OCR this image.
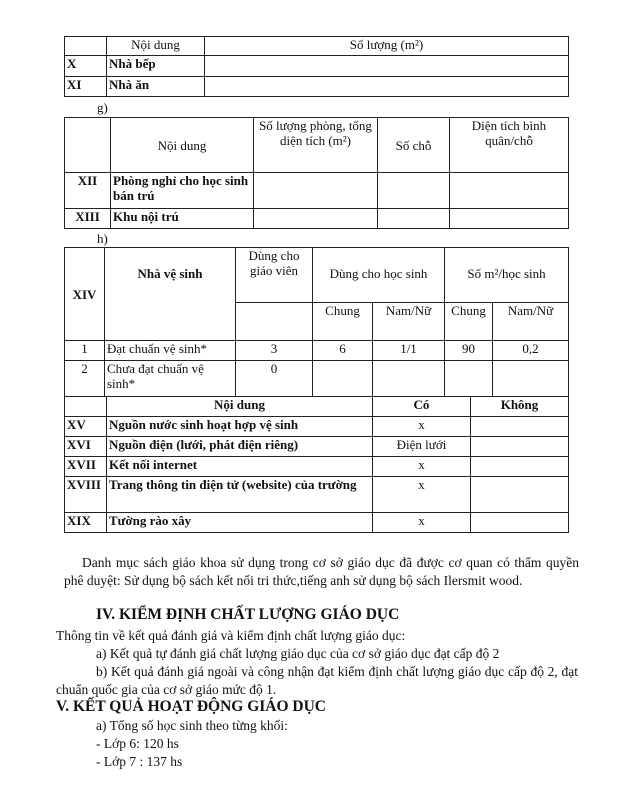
	Nội dung	Số lượng (m²)
X	Nhà bếp	
XI	Nhà ăn	
g)
	Nội dung	Số lượng phòng, tổng diện tích (m²)	Số chỗ	Diện tích bình quân/chỗ
XII	Phòng nghỉ cho học sinh bán trú			
XIII	Khu nội trú			
h)
XIV	Nhà vệ sinh	Dùng cho giáo viên	Dùng cho học sinh		Số m²/học sinh	
			Chung	Nam/Nữ	Chung	Nam/Nữ
1	Đạt chuẩn vệ sinh*	3	6	1/1	90	0,2
2	Chưa đạt chuẩn vệ sinh*	0				
	Nội dung	Có	Không
XV	Nguồn nước sinh hoạt hợp vệ sinh	x	
XVI	Nguồn điện (lưới, phát điện riêng)	Điện lưới	
XVII	Kết nối internet	x	
XVIII	Trang thông tin điện tử (website) của trường	x	
XIX	Tường rào xây	x	
Danh mục sách giáo khoa sử dụng trong cơ sở giáo dục đã được cơ quan có thẩm quyền phê duyệt: Sử dụng bộ sách kết nối tri thức,tiếng anh sử dụng bộ sách Ilersmit wood.
IV. KIỂM ĐỊNH CHẤT LƯỢNG GIÁO DỤC
Thông tin về kết quả đánh giá và kiểm định chất lượng giáo dục:
a) Kết quả tự đánh giá chất lượng giáo dục của cơ sở giáo dục đạt cấp độ 2
b) Kết quả đánh giá ngoài và công nhận đạt kiểm định chất lượng giáo dục cấp độ 2, đạt chuẩn quốc gia của cơ sở giáo mức độ 1.
V. KẾT QUẢ HOẠT ĐỘNG GIÁO DỤC
a) Tổng số học sinh theo từng khối:
- Lớp 6: 120 hs
- Lớp 7 : 137 hs
